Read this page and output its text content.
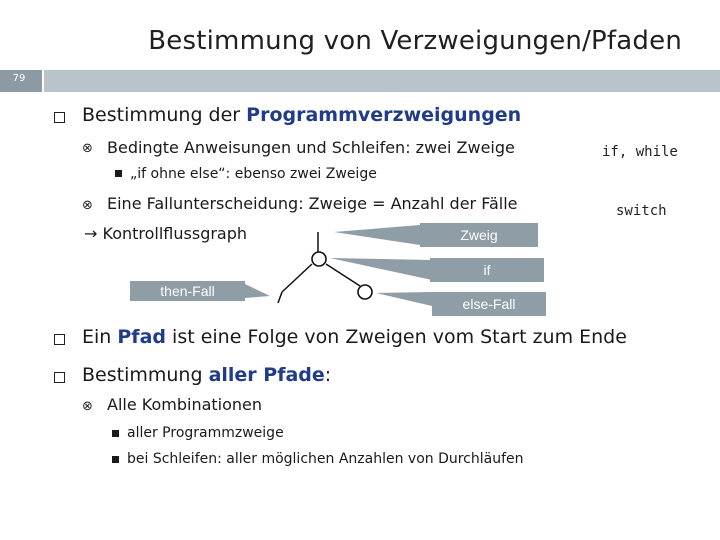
Bestimmung von Verzweigungen/Pfaden
79
Bestimmung der Programmverzweigungen
⊗ Bedingte Anweisungen und Schleifen: zwei Zweige	if, while
„if ohne else“: ebenso zwei Zweige
⊗ Eine Fallunterscheidung: Zweige = Anzahl der Fälle	switch
→ Kontrollflussgraph	Zweig
if
then-Fall
else-Fall
Ein Pfad ist eine Folge von Zweigen vom Start zum Ende
Bestimmung aller Pfade:
⊗ Alle Kombinationen
aller Programmzweige
bei Schleifen: aller möglichen Anzahlen von Durchläufen
